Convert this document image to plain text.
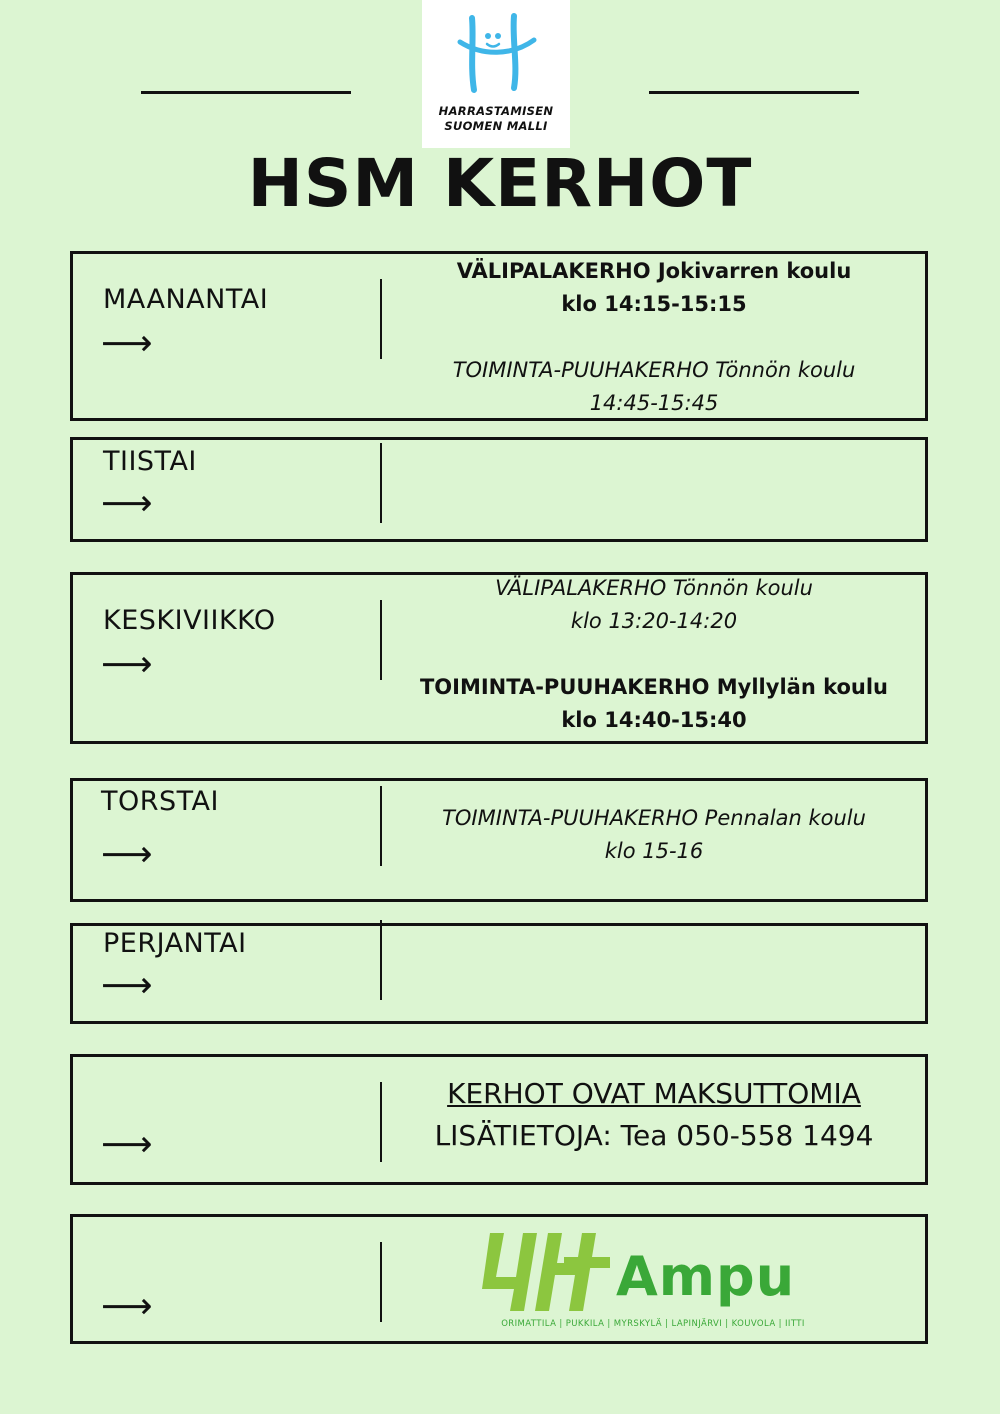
HARRASTAMISEN
SUOMEN MALLI
HSM KERHOT
MAANANTAI
⟶
VÄLIPALAKERHO Jokivarren koulu
klo 14:15-15:15
TOIMINTA-PUUHAKERHO Tönnön koulu
14:45-15:45
TIISTAI
⟶
KESKIVIIKKO
⟶
VÄLIPALAKERHO Tönnön koulu
klo 13:20-14:20
TOIMINTA-PUUHAKERHO Myllylän koulu
klo 14:40-15:40
TORSTAI
⟶
TOIMINTA-PUUHAKERHO Pennalan koulu
klo 15-16
PERJANTAI
⟶
⟶
KERHOT OVAT MAKSUTTOMIA
LISÄTIETOJA: Tea 050-558 1494
⟶	Ampu
ORIMATTILA | PUKKILA | MYRSKYLÄ | LAPINJÄRVI | KOUVOLA | IITTI
